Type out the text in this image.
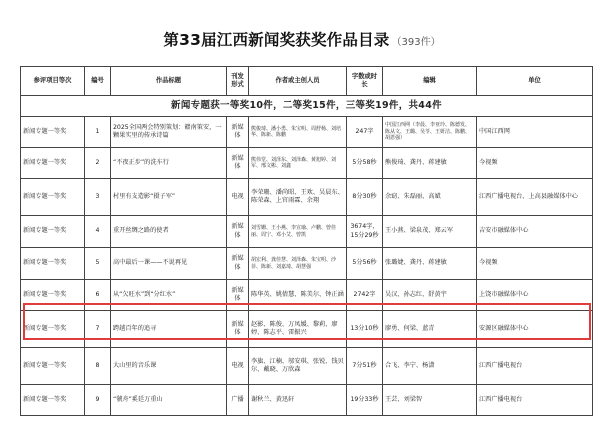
第33届江西新闻奖获奖作品目录 （393件）
参评项目等次	编号	作品标题	刊发形式	作者或主创人员	字数或时长	编辑	单位
新闻专题获一等奖10件，二等奖15件，三等奖19件，共44件							
新闻专题一等奖	1	2025全国两会特别策划：赣南策安，一颗果实里的传承诗篇	新媒体	熊俊琦、潘小勇、朱宝明、周舒杨、刘培华、陈新、陈鹏	247字	中国江西网（李晨、李亚玲、陈德发、陈从文、王璐、吴苓、王妍洁、陈鹏、胡恩强）	中国江西网
新闻专题一等奖	2	“不夜正步”的洗车行	新媒体	熊伟堂、刘泽东、刘泽森、黄旭婷、刘军、邢文彬、刘鑫	5分58秒	熊俊琦、龚丹、蒋建敏	今视频
新闻专题一等奖	3	村里有支造影“摄子军”	电视	李荣珊、潘尚昭、王欢、吴晨东、陈荣森、上官雨霖、余翔	8分30秒	余窈、朱磊丽、高斌	江西广播电视台、上高县融媒体中心
新闻专题一等奖	4	重开丝绸之路的使者	新媒体	刘雪姗、王小燕、李宣瑜、卢鹏、曾佳丽、周宁、邓小艾、曾凯	3674字，15分29秒	王小燕、梁泉茂、郑云军	吉安市融媒体中心
新闻专题一等奖	5	高中最后一课——不说再见	新媒体	胡宏利、龚佳慧、刘泽森、朱宝明、沙菲、陈新、刘嘉琦、胡慧强	5分56秒	张璐婕、龚丹、蒋建敏	今视频
新闻专题一等奖	6	从“欠旺水”到“分红水”	新媒体	陈华英、姚倩慧、陈美尔、钟正涵	2742字	吴汉、孙志红、舒黄宇	上饶市融媒体中心
新闻专题一等奖	7	跨越百年的追寻	新媒体	赵影、陈俊、万凤媛、黎莉、廖婷、陈志平、雷振兴	13分10秒	廖勇、何梁、蓝青	安源区融媒体中心
新闻专题一等奖	8	大山里的音乐课	电视	李旗、江楠、邬安琪、张锐、钱贝尔、戴晓、万欣森	7分51秒	合飞、李宁、杨潇	江西广播电视台
新闻专题一等奖	9	“虢舟”奚廷万重山	广播	谢秋兰、黄迅轩	19分33秒	王芸、刘梁智	江西广播电视台
